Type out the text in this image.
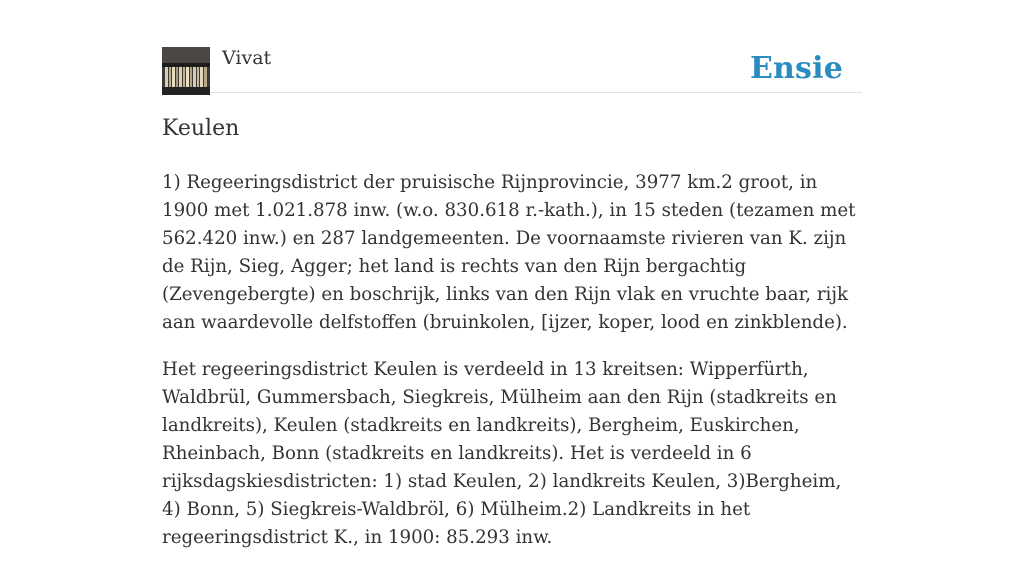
Vivat	Ensie
Keulen

1) Regeeringsdistrict der pruisische Rijnprovincie, 3977 km.2 groot, in 1900 met 1.021.878 inw. (w.o. 830.618 r.-kath.), in 15 steden (tezamen met 562.420 inw.) en 287 landgemeenten. De voornaamste rivieren van K. zijn de Rijn, Sieg, Agger; het land is rechts van den Rijn bergachtig (Zevengebergte) en boschrijk, links van den Rijn vlak en vruchte baar, rijk aan waardevolle delfstoffen (bruinkolen, [ijzer, koper, lood en zinkblende).

Het regeeringsdistrict Keulen is verdeeld in 13 kreitsen: Wipperfürth, Waldbrül, Gummersbach, Siegkreis, Mülheim aan den Rijn (stadkreits en landkreits), Keulen (stadkreits en landkreits), Bergheim, Euskirchen, Rheinbach, Bonn (stadkreits en landkreits). Het is verdeeld in 6 rijksdagskiesdistricten: 1) stad Keulen, 2) landkreits Keulen, 3)Bergheim, 4) Bonn, 5) Siegkreis-Waldbröl, 6) Mülheim.2) Landkreits in het regeeringsdistrict K., in 1900: 85.293 inw.
